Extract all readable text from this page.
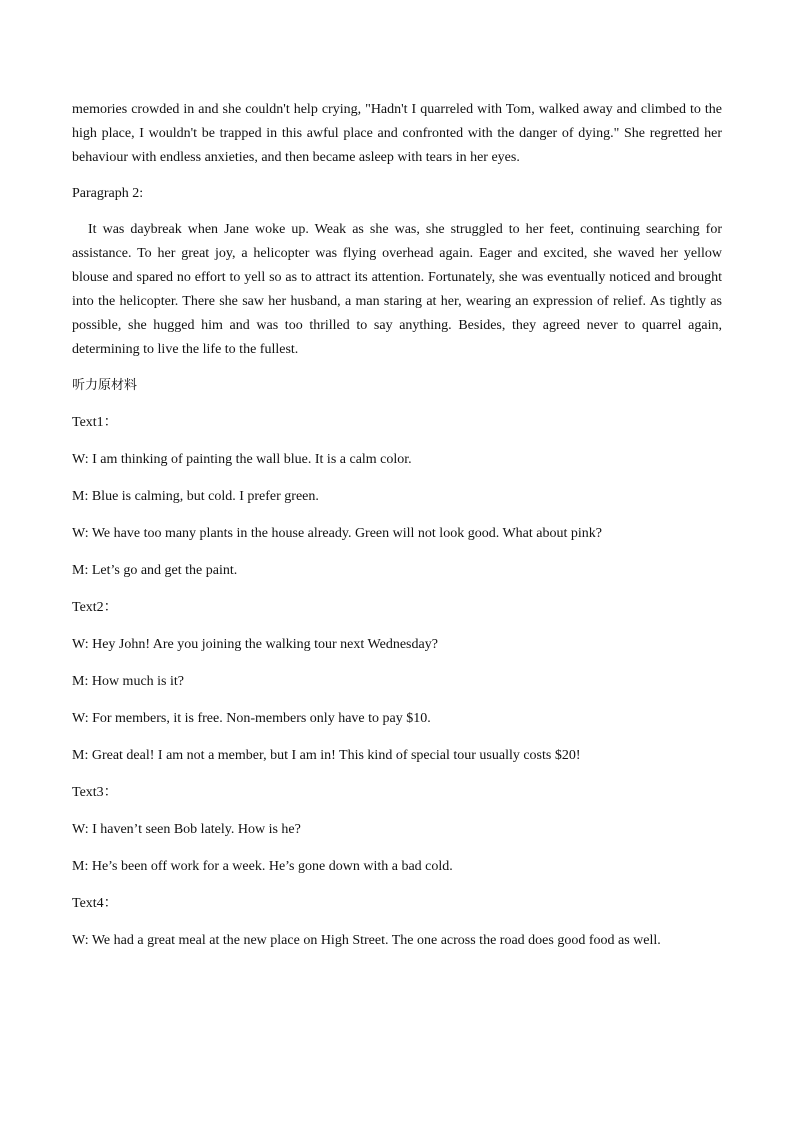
memories crowded in and she couldn't help crying, "Hadn't I quarreled with Tom, walked away and climbed to the high place, I wouldn't be trapped in this awful place and confronted with the danger of dying." She regretted her behaviour with endless anxieties, and then became asleep with tears in her eyes.

Paragraph 2:

It was daybreak when Jane woke up. Weak as she was, she struggled to her feet, continuing searching for assistance. To her great joy, a helicopter was flying overhead again. Eager and excited, she waved her yellow blouse and spared no effort to yell so as to attract its attention. Fortunately, she was eventually noticed and brought into the helicopter. There she saw her husband, a man staring at her, wearing an expression of relief. As tightly as possible, she hugged him and was too thrilled to say anything. Besides, they agreed never to quarrel again, determining to live the life to the fullest.

听力原材料

Text1：

W: I am thinking of painting the wall blue. It is a calm color.

M: Blue is calming, but cold. I prefer green.

W: We have too many plants in the house already. Green will not look good. What about pink?

M: Let’s go and get the paint.

Text2：

W: Hey John! Are you joining the walking tour next Wednesday?

M: How much is it?

W: For members, it is free. Non-members only have to pay $10.

M: Great deal! I am not a member, but I am in! This kind of special tour usually costs $20!

Text3：

W: I haven’t seen Bob lately. How is he?

M: He’s been off work for a week. He’s gone down with a bad cold.

Text4：

W: We had a great meal at the new place on High Street. The one across the road does good food as well.
